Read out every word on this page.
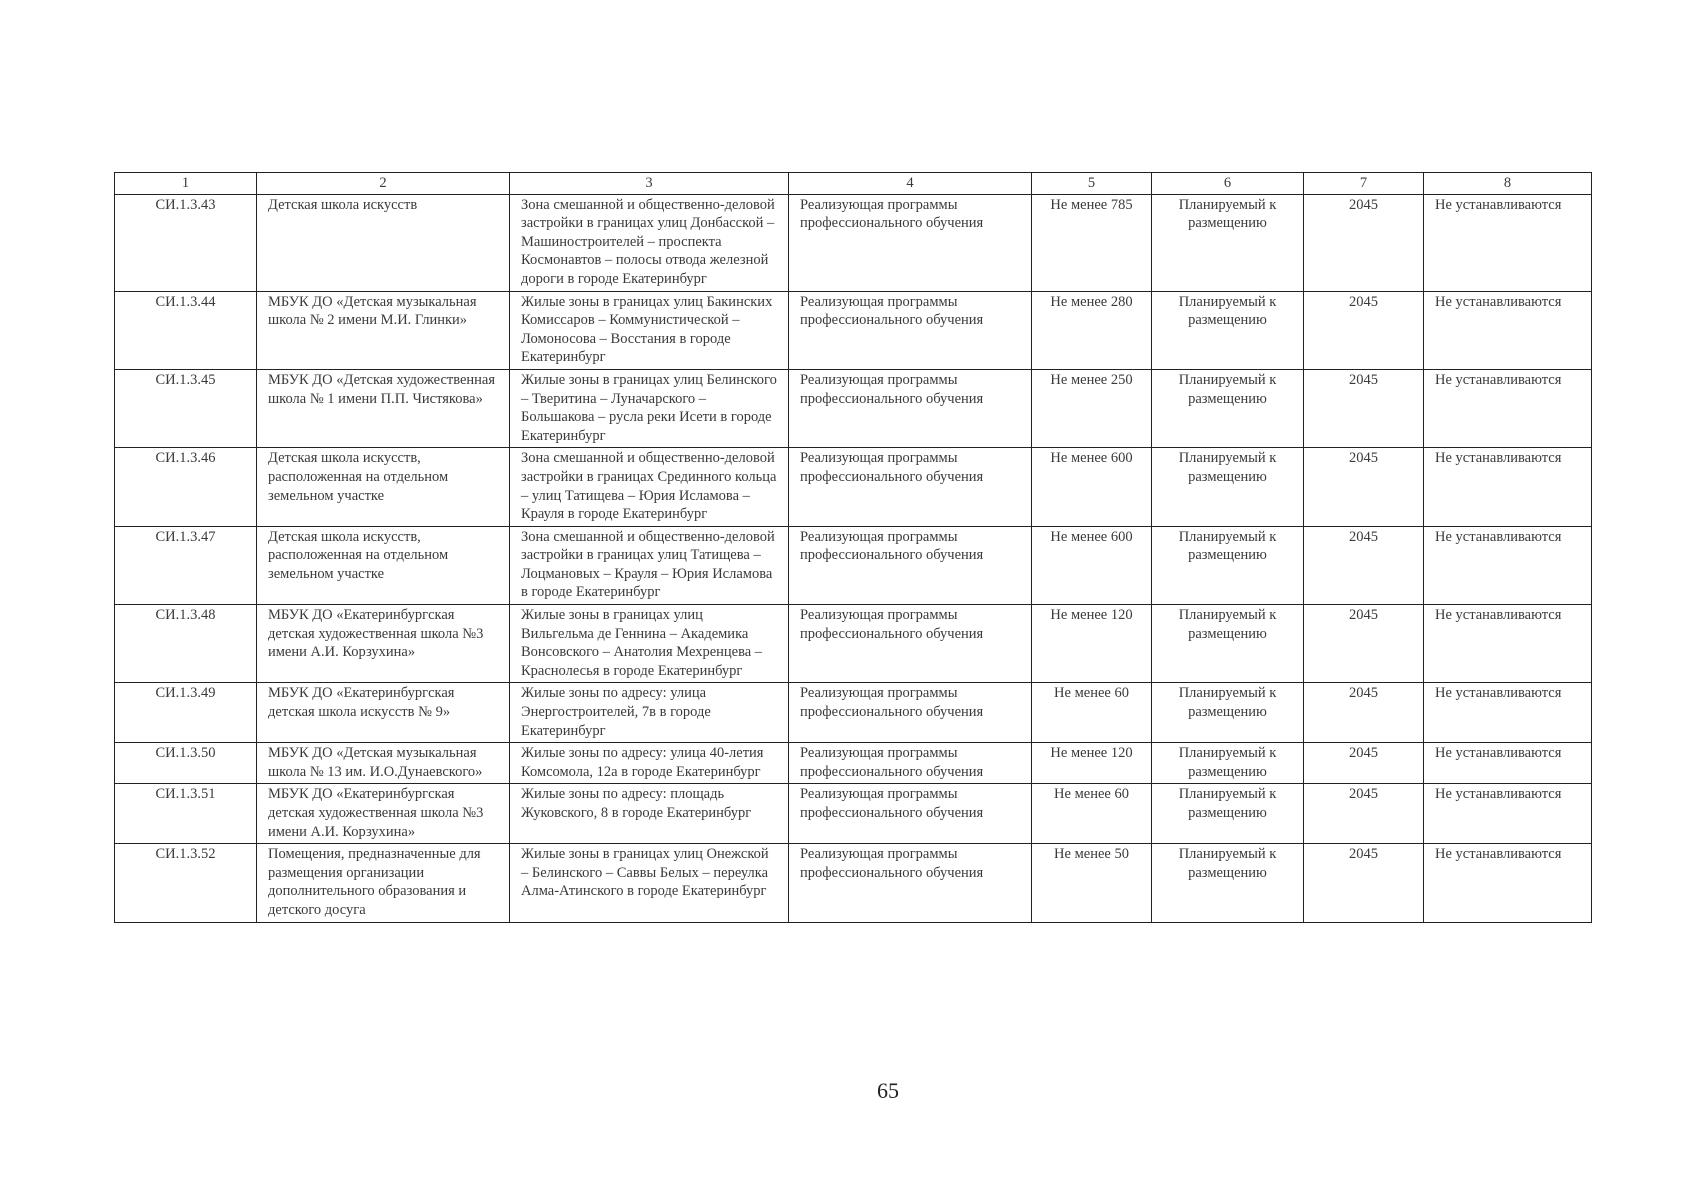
1	2	3	4	5	6	7	8
СИ.1.3.43	Детская школа искусств	Зона смешанной и общественно-деловой застройки в границах улиц Донбасской – Машиностроителей – проспекта Космонавтов – полосы отвода железной дороги в городе Екатеринбург	Реализующая программы профессионального обучения	Не менее 785	Планируемый к размещению	2045	Не устанавливаются
СИ.1.3.44	МБУК ДО «Детская музыкальная школа № 2 имени М.И. Глинки»	Жилые зоны в границах улиц Бакинских Комиссаров – Коммунистической – Ломоносова – Восстания в городе Екатеринбург	Реализующая программы профессионального обучения	Не менее 280	Планируемый к размещению	2045	Не устанавливаются
СИ.1.3.45	МБУК ДО «Детская художественная школа № 1 имени П.П. Чистякова»	Жилые зоны в границах улиц Белинского – Тверитина – Луначарского – Большакова – русла реки Исети в городе Екатеринбург	Реализующая программы профессионального обучения	Не менее 250	Планируемый к размещению	2045	Не устанавливаются
СИ.1.3.46	Детская школа искусств, расположенная на отдельном земельном участке	Зона смешанной и общественно-деловой застройки в границах Срединного кольца – улиц Татищева – Юрия Исламова – Крауля в городе Екатеринбург	Реализующая программы профессионального обучения	Не менее 600	Планируемый к размещению	2045	Не устанавливаются
СИ.1.3.47	Детская школа искусств, расположенная на отдельном земельном участке	Зона смешанной и общественно-деловой застройки в границах улиц Татищева – Лоцмановых – Крауля – Юрия Исламова в городе Екатеринбург	Реализующая программы профессионального обучения	Не менее 600	Планируемый к размещению	2045	Не устанавливаются
СИ.1.3.48	МБУК ДО «Екатеринбургская детская художественная школа №3 имени А.И. Корзухина»	Жилые зоны в границах улиц Вильгельма де Геннина – Академика Вонсовского – Анатолия Мехренцева – Краснолесья в городе Екатеринбург	Реализующая программы профессионального обучения	Не менее 120	Планируемый к размещению	2045	Не устанавливаются
СИ.1.3.49	МБУК ДО «Екатеринбургская детская школа искусств № 9»	Жилые зоны по адресу: улица Энергостроителей, 7в в городе Екатеринбург	Реализующая программы профессионального обучения	Не менее 60	Планируемый к размещению	2045	Не устанавливаются
СИ.1.3.50	МБУК ДО «Детская музыкальная школа № 13 им. И.О.Дунаевского»	Жилые зоны по адресу: улица 40-летия Комсомола, 12а в городе Екатеринбург	Реализующая программы профессионального обучения	Не менее 120	Планируемый к размещению	2045	Не устанавливаются
СИ.1.3.51	МБУК ДО «Екатеринбургская детская художественная школа №3 имени А.И. Корзухина»	Жилые зоны по адресу: площадь Жуковского, 8 в городе Екатеринбург	Реализующая программы профессионального обучения	Не менее 60	Планируемый к размещению	2045	Не устанавливаются
СИ.1.3.52	Помещения, предназначенные для размещения организации дополнительного образования и детского досуга	Жилые зоны в границах улиц Онежской – Белинского – Саввы Белых – переулка Алма-Атинского в городе Екатеринбург	Реализующая программы профессионального обучения	Не менее 50	Планируемый к размещению	2045	Не устанавливаются
65
